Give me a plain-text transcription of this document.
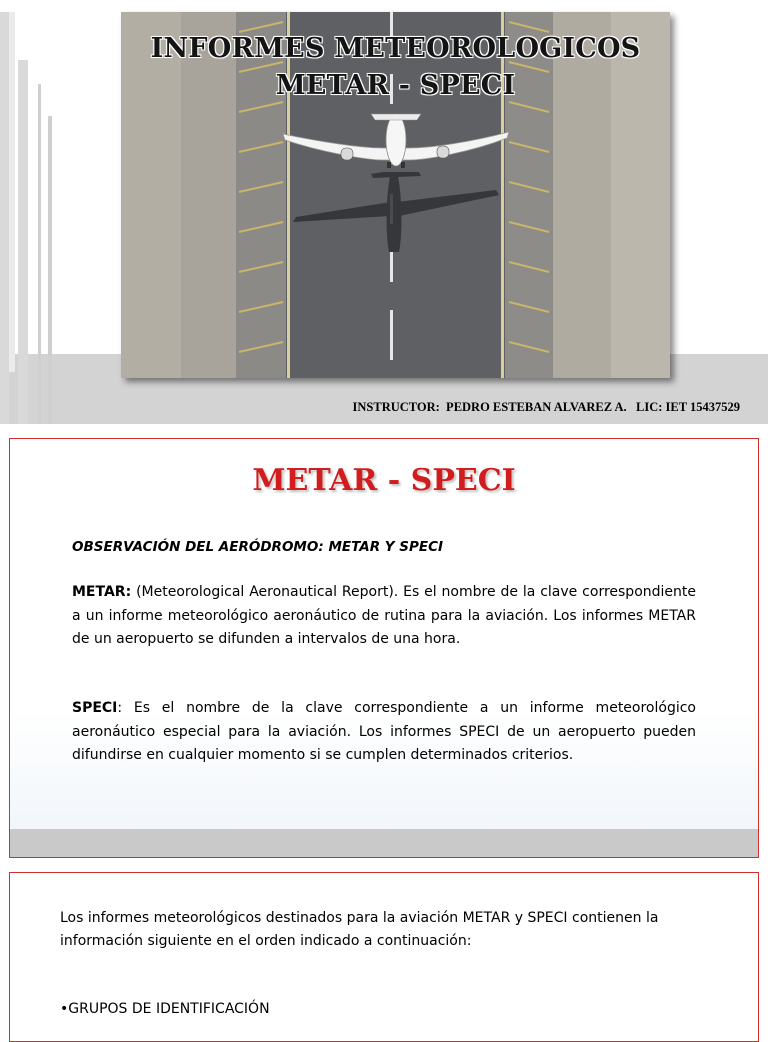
INFORMES METEOROLOGICOS
METAR - SPECI
INSTRUCTOR:  PEDRO ESTEBAN ALVAREZ A.   LIC: IET 15437529
METAR - SPECI
OBSERVACIÓN DEL AERÓDROMO: METAR Y SPECI
METAR: (Meteorological Aeronautical Report). Es el nombre de la clave correspondiente a un informe meteorológico aeronáutico de rutina para la aviación. Los informes METAR de un aeropuerto se difunden a intervalos de una hora.
SPECI: Es el nombre de la clave correspondiente a un informe meteorológico aeronáutico especial para la aviación. Los informes SPECI de un aeropuerto pueden difundirse en cualquier momento si se cumplen determinados criterios.
Los informes meteorológicos destinados para la aviación METAR y SPECI contienen la información siguiente en el orden indicado a continuación:
•GRUPOS DE IDENTIFICACIÓN
